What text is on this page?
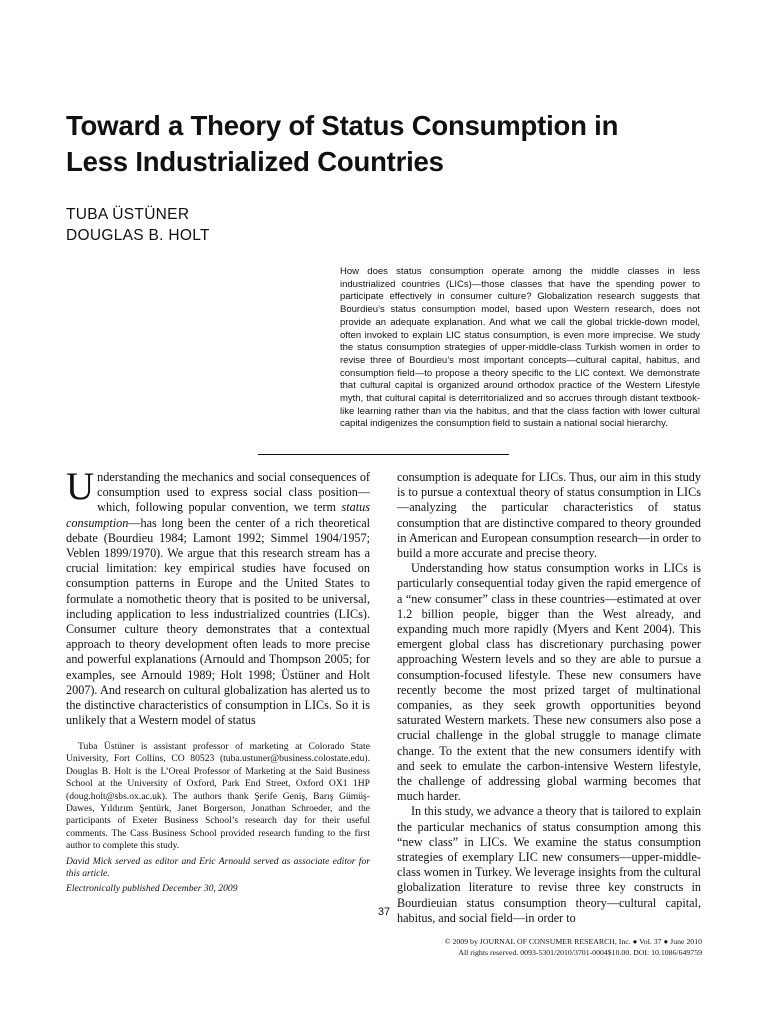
Toward a Theory of Status Consumption in
Less Industrialized Countries
TUBA ÜSTÜNER
DOUGLAS B. HOLT
How does status consumption operate among the middle classes in less industrialized countries (LICs)—those classes that have the spending power to participate effectively in consumer culture? Globalization research suggests that Bourdieu’s status consumption model, based upon Western research, does not provide an adequate explanation. And what we call the global trickle-down model, often invoked to explain LIC status consumption, is even more imprecise. We study the status consumption strategies of upper-middle-class Turkish women in order to revise three of Bourdieu’s most important concepts—cultural capital, habitus, and consumption field—to propose a theory specific to the LIC context. We demonstrate that cultural capital is organized around orthodox practice of the Western Lifestyle myth, that cultural capital is deterritorialized and so accrues through distant textbook-like learning rather than via the habitus, and that the class faction with lower cultural capital indigenizes the consumption field to sustain a national social hierarchy.

Understanding the mechanics and social consequences of consumption used to express social class position—which, following popular convention, we term status consumption—has long been the center of a rich theoretical debate (Bourdieu 1984; Lamont 1992; Simmel 1904/1957; Veblen 1899/1970). We argue that this research stream has a crucial limitation: key empirical studies have focused on consumption patterns in Europe and the United States to formulate a nomothetic theory that is posited to be universal, including application to less industrialized countries (LICs). Consumer culture theory demonstrates that a contextual approach to theory development often leads to more precise and powerful explanations (Arnould and Thompson 2005; for examples, see Arnould 1989; Holt 1998; Üstüner and Holt 2007). And research on cultural globalization has alerted us to the distinctive characteristics of consumption in LICs. So it is unlikely that a Western model of status

consumption is adequate for LICs. Thus, our aim in this study is to pursue a contextual theory of status consumption in LICs—analyzing the particular characteristics of status consumption that are distinctive compared to theory grounded in American and European consumption research—in order to build a more accurate and precise theory.

Understanding how status consumption works in LICs is particularly consequential today given the rapid emergence of a “new consumer” class in these countries—estimated at over 1.2 billion people, bigger than the West already, and expanding much more rapidly (Myers and Kent 2004). This emergent global class has discretionary purchasing power approaching Western levels and so they are able to pursue a consumption-focused lifestyle. These new consumers have recently become the most prized target of multinational companies, as they seek growth opportunities beyond saturated Western markets. These new consumers also pose a crucial challenge in the global struggle to manage climate change. To the extent that the new consumers identify with and seek to emulate the carbon-intensive Western lifestyle, the challenge of addressing global warming becomes that much harder.

In this study, we advance a theory that is tailored to explain the particular mechanics of status consumption among this “new class” in LICs. We examine the status consumption strategies of exemplary LIC new consumers—upper-middle-class women in Turkey. We leverage insights from the cultural globalization literature to revise three key constructs in Bourdieuian status consumption theory—cultural capital, habitus, and social field—in order to

Tuba Üstüner is assistant professor of marketing at Colorado State University, Fort Collins, CO 80523 (tuba.ustuner@business.colostate.edu). Douglas B. Holt is the L’Oreal Professor of Marketing at the Said Business School at the University of Oxford, Park End Street, Oxford OX1 1HP (doug.holt@sbs.ox.ac.uk). The authors thank Şerife Geniş, Barış Gümüş-Dawes, Yıldırım Şentürk, Janet Borgerson, Jonathan Schroeder, and the participants of Exeter Business School’s research day for their useful comments. The Cass Business School provided research funding to the first author to complete this study.

David Mick served as editor and Eric Arnould served as associate editor for this article.

Electronically published December 30, 2009

37
© 2009 by JOURNAL OF CONSUMER RESEARCH, Inc. ● Vol. 37 ● June 2010
All rights reserved. 0093-5301/2010/3701-0004$10.00. DOI: 10.1086/649759
